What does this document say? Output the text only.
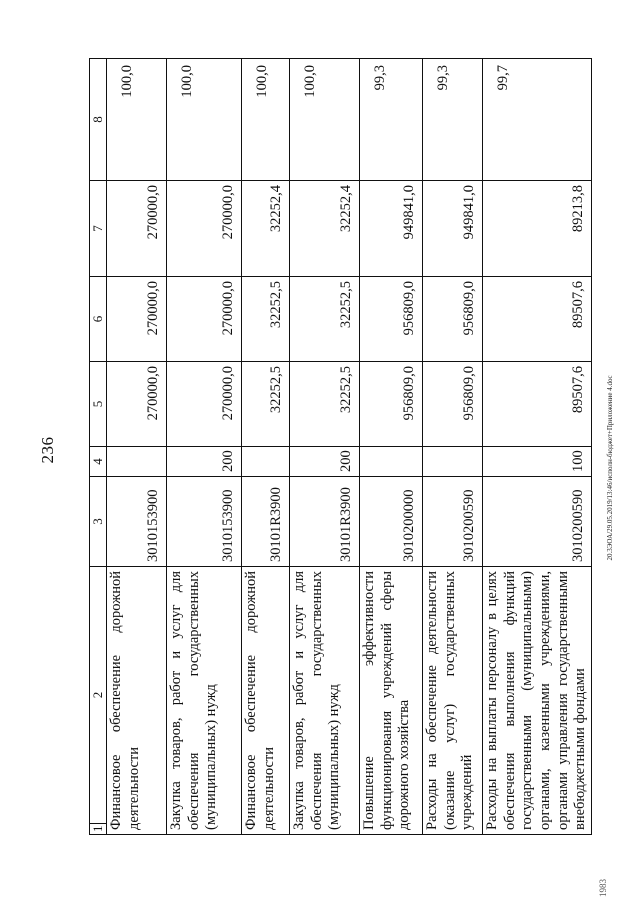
236	20.3ЭОА/29.05.2019/13:46/исполн-бюджет+Приложение 4.doc
1983
1	2	3	4	5	6	7	8
Финансовое обеспечение дорожной деятельности		3010153900		270000,0	270000,0	270000,0	100,0
Закупка товаров, работ и услуг для обеспечения государственных (муниципальных) нужд		3010153900	200	270000,0	270000,0	270000,0	100,0
Финансовое обеспечение дорожной деятельности		30101R3900		32252,5	32252,5	32252,4	100,0
Закупка товаров, работ и услуг для обеспечения государственных (муниципальных) нужд		30101R3900	200	32252,5	32252,5	32252,4	100,0
Повышение эффективности функционирования учреждений сферы дорожного хозяйства		3010200000		956809,0	956809,0	949841,0	99,3
Расходы на обеспечение деятельности (оказание услуг) государственных учреждений		3010200590		956809,0	956809,0	949841,0	99,3
Расходы на выплаты персоналу в целях обеспечения выполнения функций государственными (муниципальными) органами, казенными учреждениями, органами управления государственными внебюджетными фондами		3010200590	100	89507,6	89507,6	89213,8	99,7
